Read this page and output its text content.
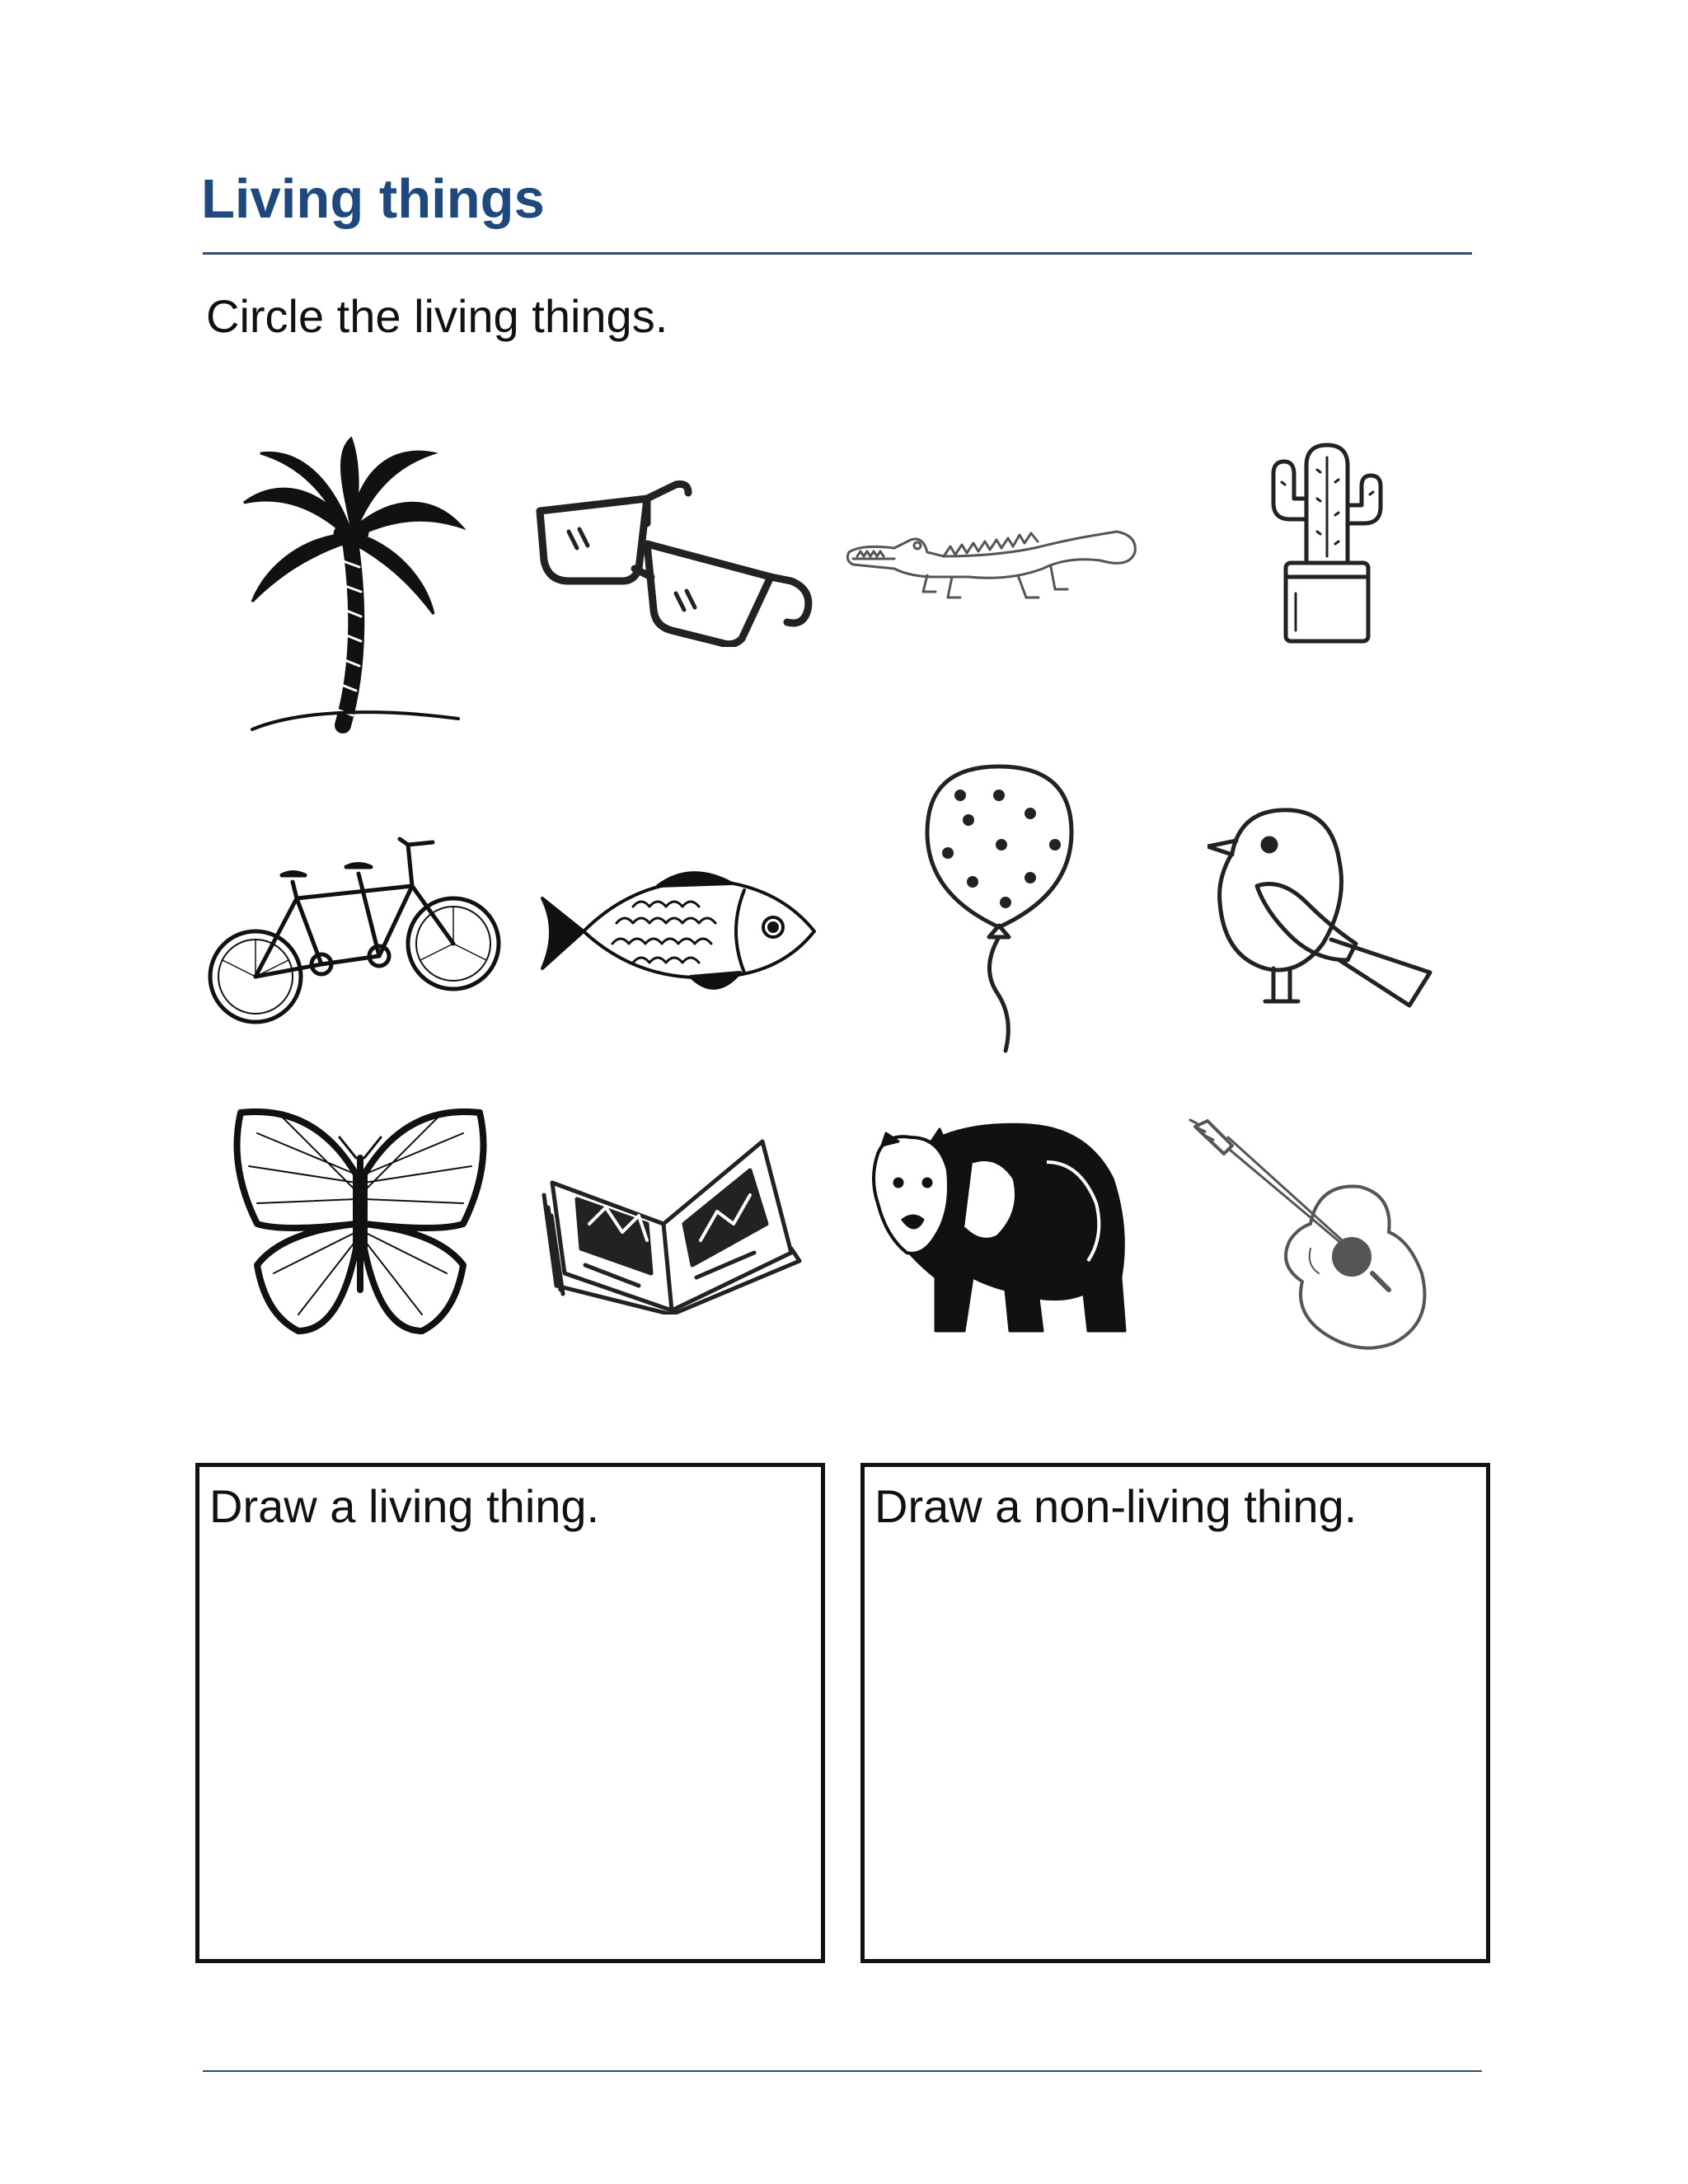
Living things
Circle the living things.
Draw a living thing.	Draw a non-living thing.
